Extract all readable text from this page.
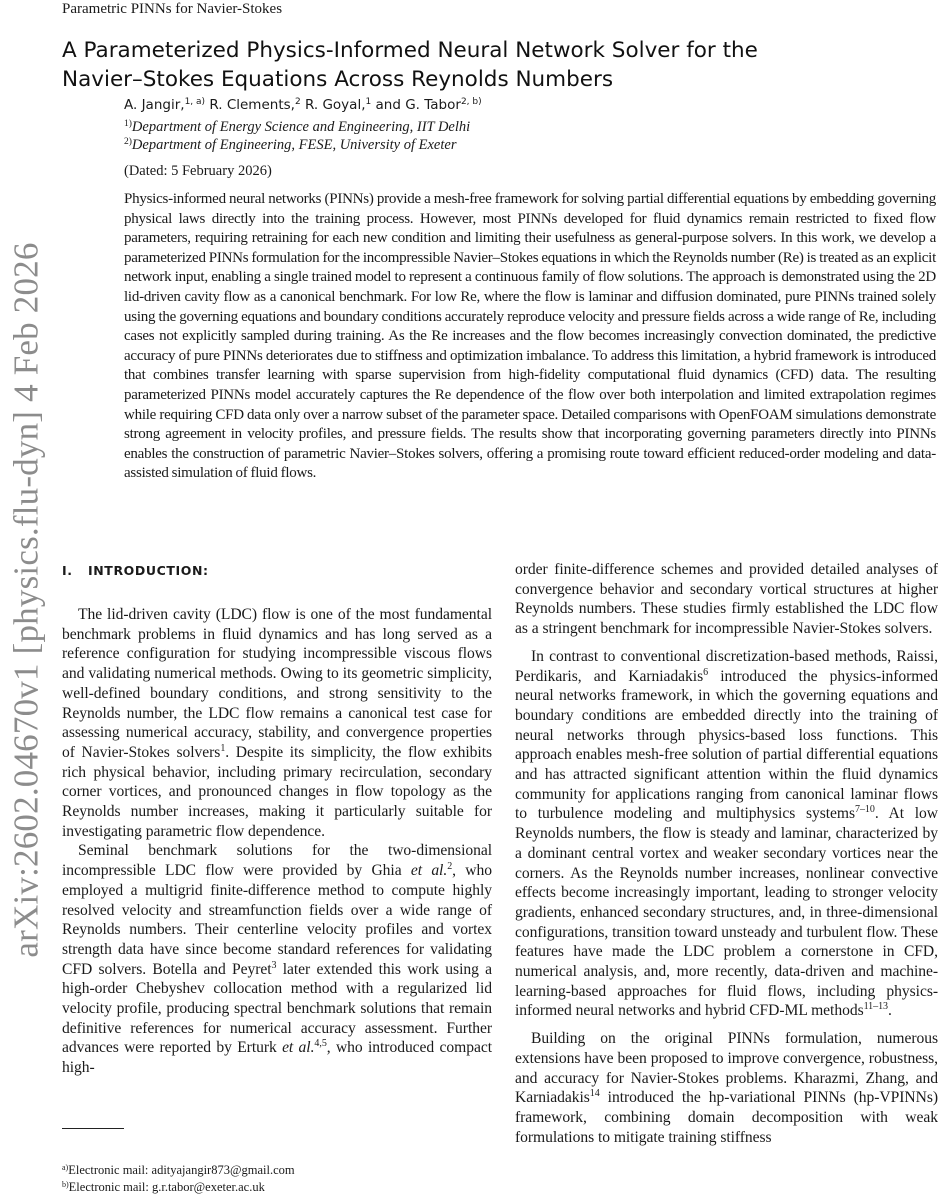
Parametric PINNs for Navier-Stokes
arXiv:2602.04670v1 [physics.flu-dyn] 4 Feb 2026
A Parameterized Physics-Informed Neural Network Solver for the
Navier–Stokes Equations Across Reynolds Numbers
A. Jangir,$^{1, a)}$ R. Clements,$^2$ R. Goyal,$^1$ and G. Tabor$^{2, b)}$
$^{1)}$Department of Energy Science and Engineering, IIT Delhi
$^{2)}$Department of Engineering, FESE, University of Exeter
(Dated: 5 February 2026)
Physics-informed neural networks (PINNs) provide a mesh-free framework for solving partial differential equations by embedding governing physical laws directly into the training process. However, most PINNs developed for fluid dynamics remain restricted to fixed flow parameters, requiring retraining for each new condition and limiting their usefulness as general-purpose solvers. In this work, we develop a parameterized PINNs formulation for the incompressible Navier–Stokes equations in which the Reynolds number (Re) is treated as an explicit network input, enabling a single trained model to represent a continuous family of flow solutions. The approach is demonstrated using the 2D lid-driven cavity flow as a canonical benchmark. For low Re, where the flow is laminar and diffusion dominated, pure PINNs trained solely using the governing equations and boundary conditions accurately reproduce velocity and pressure fields across a wide range of Re, including cases not explicitly sampled during training. As the Re increases and the flow becomes increasingly convection dominated, the predictive accuracy of pure PINNs deteriorates due to stiffness and optimization imbalance. To address this limitation, a hybrid framework is introduced that combines transfer learning with sparse supervision from high-fidelity computational fluid dynamics (CFD) data. The resulting parameterized PINNs model accurately captures the Re dependence of the flow over both interpolation and limited extrapolation regimes while requiring CFD data only over a narrow subset of the parameter space. Detailed comparisons with OpenFOAM simulations demonstrate strong agreement in velocity profiles, and pressure fields. The results show that incorporating governing parameters directly into PINNs enables the construction of parametric Navier–Stokes solvers, offering a promising route toward efficient reduced-order modeling and data-assisted simulation of fluid flows.
I. INTRODUCTION:

The lid-driven cavity (LDC) flow is one of the most fundamental benchmark problems in fluid dynamics and has long served as a reference configuration for studying incompressible viscous flows and validating numerical methods. Owing to its geometric simplicity, well-defined boundary conditions, and strong sensitivity to the Reynolds number, the LDC flow remains a canonical test case for assessing numerical accuracy, stability, and convergence properties of Navier-Stokes solvers$^1$. Despite its simplicity, the flow exhibits rich physical behavior, including primary recirculation, secondary corner vortices, and pronounced changes in flow topology as the Reynolds number increases, making it particularly suitable for investigating parametric flow dependence.

Seminal benchmark solutions for the two-dimensional incompressible LDC flow were provided by Ghia et al.$^2$, who employed a multigrid finite-difference method to compute highly resolved velocity and streamfunction fields over a wide range of Reynolds numbers. Their centerline velocity profiles and vortex strength data have since become standard references for validating CFD solvers. Botella and Peyret$^3$ later extended this work using a high-order Chebyshev collocation method with a regularized lid velocity profile, producing spectral benchmark solutions that remain definitive references for numerical accuracy assessment. Further advances were reported by Erturk et al.$^{4,5}$, who introduced compact high-

order finite-difference schemes and provided detailed analyses of convergence behavior and secondary vortical structures at higher Reynolds numbers. These studies firmly established the LDC flow as a stringent benchmark for incompressible Navier-Stokes solvers.

In contrast to conventional discretization-based methods, Raissi, Perdikaris, and Karniadakis$^6$ introduced the physics-informed neural networks framework, in which the governing equations and boundary conditions are embedded directly into the training of neural networks through physics-based loss functions. This approach enables mesh-free solution of partial differential equations and has attracted significant attention within the fluid dynamics community for applications ranging from canonical laminar flows to turbulence modeling and multiphysics systems$^{7-10}$. At low Reynolds numbers, the flow is steady and laminar, characterized by a dominant central vortex and weaker secondary vortices near the corners. As the Reynolds number increases, nonlinear convective effects become increasingly important, leading to stronger velocity gradients, enhanced secondary structures, and, in three-dimensional configurations, transition toward unsteady and turbulent flow. These features have made the LDC problem a cornerstone in CFD, numerical analysis, and, more recently, data-driven and machine-learning-based approaches for fluid flows, including physics-informed neural networks and hybrid CFD-ML methods$^{11-13}$.

Building on the original PINNs formulation, numerous extensions have been proposed to improve convergence, robustness, and accuracy for Navier-Stokes problems. Kharazmi, Zhang, and Karniadakis$^{14}$ introduced the hp-variational PINNs (hp-VPINNs) framework, combining domain decomposition with weak formulations to mitigate training stiffness

$^{a)}$Electronic mail: adityajangir873@gmail.com
$^{b)}$Electronic mail: g.r.tabor@exeter.ac.uk
